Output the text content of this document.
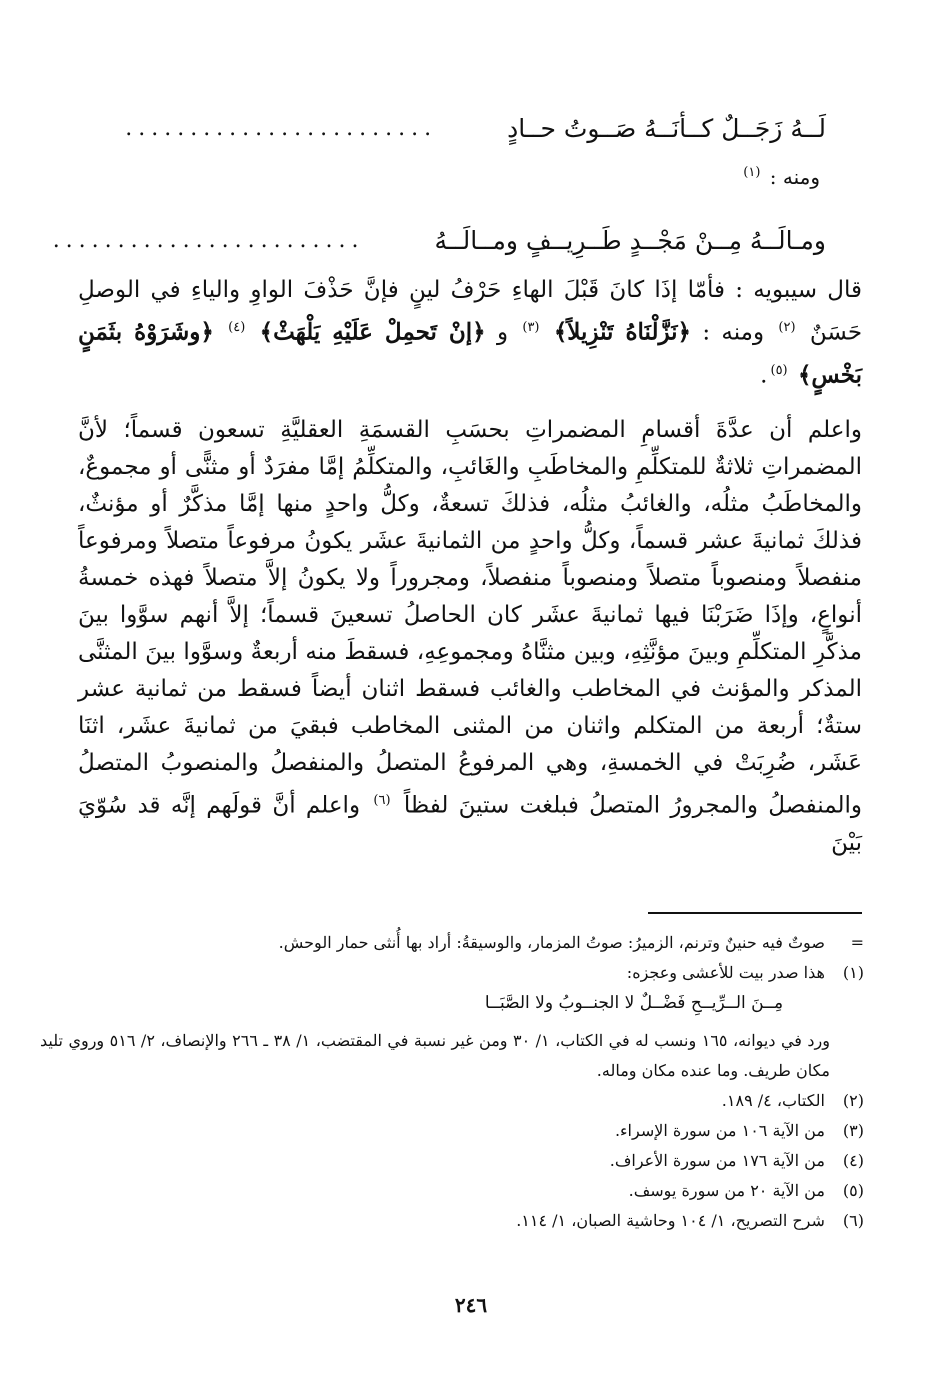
لَــهُ زَجَــلٌ كــأنَــهُ صَــوتُ حــادٍ
........................
ومنه : $^{(١)}$
ومـالَــهُ مِــنْ مَجْــدٍ طَــرِيــفٍ ومــالَــهُ
........................

قال سيبويه : فأمّا إذَا كانَ قَبْلَ الهاءِ حَرْفُ لينٍ فإنَّ حَذْفَ الواوِ والياءِ في الوصلِ حَسَنٌ $^{(٢)}$ ومنه : ﴿نَزَّلْنَاهُ تَنْزِيلاً﴾ $^{(٣)}$ و ﴿إنْ تَحمِلْ عَلَيْهِ يَلْهَثْ﴾ $^{(٤)}$ ﴿وشَرَوْهُ بثَمَنٍ بَخْسٍ﴾ $^{(٥)}$.

واعلم أن عدَّةَ أقسامِ المضمراتِ بحسَبِ القسمَةِ العقليَّةِ تسعون قسماً؛ لأنَّ المضمراتِ ثلاثةٌ للمتكلِّمِ والمخاطَبِ والغَائبِ، والمتكلِّمُ إمَّا مفرَدٌ أو مثنًّى أو مجموعٌ، والمخاطَبُ مثلُه، والغائبُ مثلُه، فذلكَ تسعةٌ، وكلُّ واحدٍ منها إمَّا مذكَّرٌ أو مؤنثٌ، فذلكَ ثمانيةَ عشر قسماً، وكلُّ واحدٍ من الثمانيةَ عشَر يكونُ مرفوعاً متصلاً ومرفوعاً منفصلاً ومنصوباً متصلاً ومنصوباً منفصلاً، ومجروراً ولا يكونُ إلاَّ متصلاً فهذه خمسةُ أنواعٍ، وإذَا ضَرَبْنَا فيها ثمانيةَ عشَر كان الحاصلُ تسعينَ قسماً؛ إلاَّ أنهم سوَّوا بينَ مذكَّرِ المتكلِّمِ وبينَ مؤنَّثِهِ، وبين مثنَّاهُ ومجموعِهِ، فسقطَ منه أربعةٌ وسوَّوا بينَ المثنَّى المذكر والمؤنث في المخاطب والغائب فسقط اثنان أيضاً فسقط من ثمانية عشر ستةٌ؛ أربعة من المتكلم واثنان من المثنى المخاطب فبقيَ من ثمانيةَ عشَر، اثنَا عَشَر، ضُرِبَتْ في الخمسةِ، وهي المرفوعُ المتصلُ والمنفصلُ والمنصوبُ المتصلُ والمنفصلُ والمجرورُ المتصلُ فبلغت ستينَ لفظاً $^{(٦)}$ واعلم أنَّ قولَهم إنَّه قد سُوّيَ بَيْنَ

= صوتٌ فيه حنينٌ وترنم، الزميرُ: صوتُ المزمار، والوسيقةُ: أراد بها أُنثى حمار الوحش.
(١) هذا صدر بيت للأعشى وعجزه:
مِــنَ الــرِّيــحِ فَضْــلٌ لا الجنــوبُ ولا الصَّبَــا
ورد في ديوانه، ١٦٥ ونسب له في الكتاب، ١/ ٣٠ ومن غير نسبة في المقتضب، ١/ ٣٨ ـ ٢٦٦ والإنصاف، ٢/ ٥١٦ وروي تليد مكان طريف. وما عنده مكان وماله.
(٢) الكتاب، ٤/ ١٨٩.
(٣) من الآية ١٠٦ من سورة الإسراء.
(٤) من الآية ١٧٦ من سورة الأعراف.
(٥) من الآية ٢٠ من سورة يوسف.
(٦) شرح التصريح، ١/ ١٠٤ وحاشية الصبان، ١/ ١١٤.
٢٤٦
